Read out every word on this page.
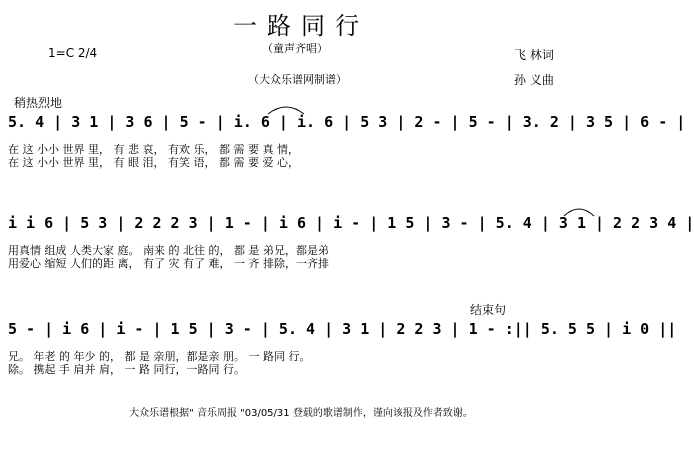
一路同行
（童声齐唱）
1=C 2/4	飞 林词
（大众乐谱网制谱）	孙 义曲
稍热烈地
5. 4 | 3 1 | 3 6 | 5 - | i. 6 | i. 6 | 5 3 | 2 - | 5 - | 3. 2 | 3 5 | 6 - |
在 这 小小 世界 里， 有 悲 哀， 有欢 乐， 都 需 要 真 情，
在 这 小小 世界 里， 有 眼 泪， 有笑 语， 都 需 要 爱 心，
i i 6 | 5 3 | 2 2 2 3 | 1 - | i 6 | i - | 1 5 | 3 - | 5. 4 | 3 1 | 2 2 3 4 |
用真情 组成 人类大家 庭。 南来 的 北往 的， 都 是 弟兄，都是弟
用爱心 缩短 人们的距 离， 有了 灾 有了 难， 一 齐 排除，一齐排
结束句
5 - | i 6 | i - | 1 5 | 3 - | 5. 4 | 3 1 | 2 2 3 | 1 - :|| 5. 5 5 | i 0 ||
兄。 年老 的 年少 的， 都 是 亲朋，都是亲 朋。 一 路同 行。
除。 携起 手 肩并 肩， 一 路 同行，一路同 行。
大众乐谱根据" 音乐周报 "03/05/31 登载的歌谱制作，谨向该报及作者致谢。
